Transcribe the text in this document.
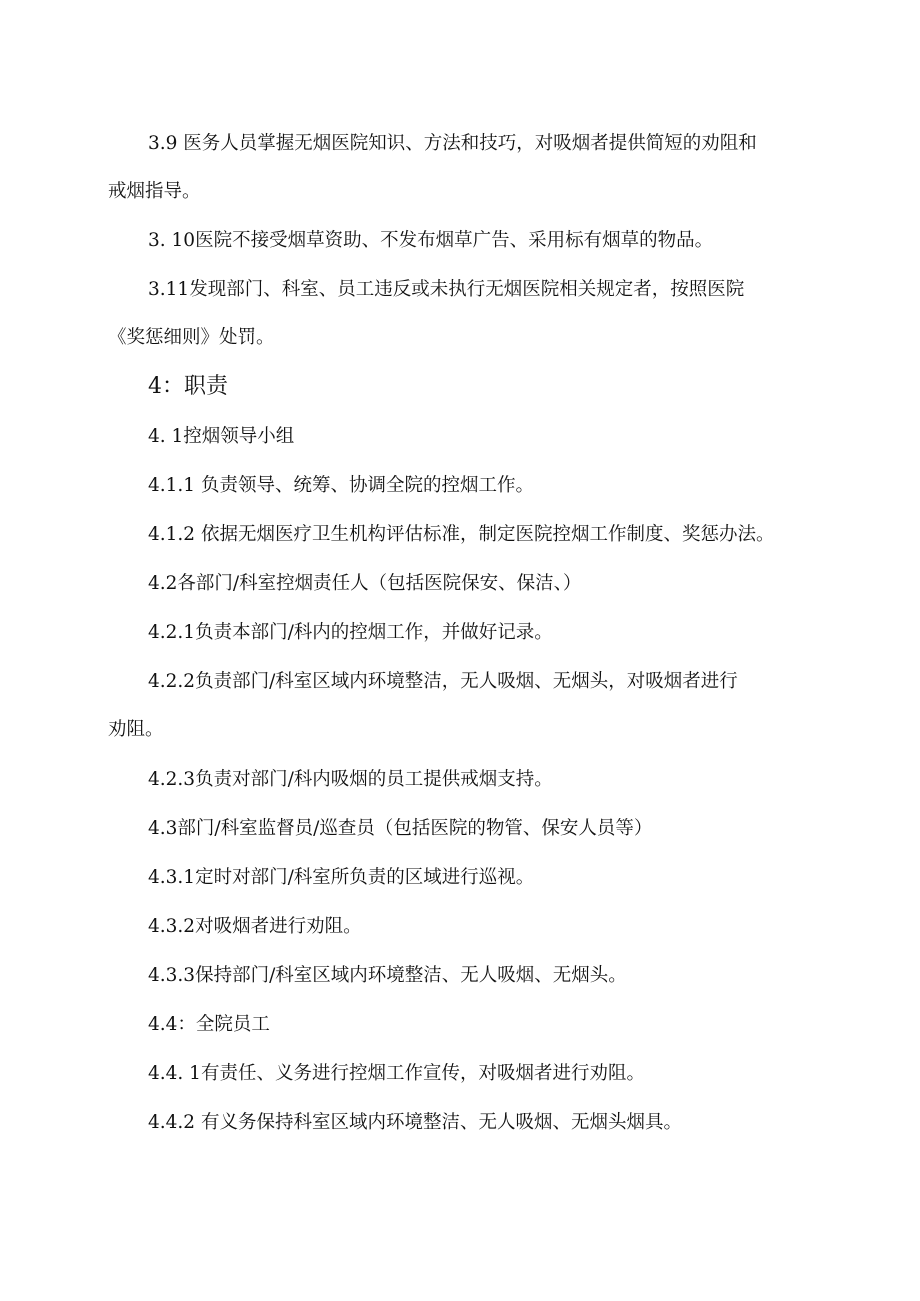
3.9 医务人员掌握无烟医院知识、方法和技巧，对吸烟者提供简短的劝阻和
戒烟指导。

3. 10医院不接受烟草资助、不发布烟草广告、采用标有烟草的物品。

3.11发现部门、科室、员工违反或未执行无烟医院相关规定者，按照医院
《奖惩细则》处罚。

4：职责

4. 1控烟领导小组

4.1.1 负责领导、统筹、协调全院的控烟工作。

4.1.2 依据无烟医疗卫生机构评估标准，制定医院控烟工作制度、奖惩办法。

4.2各部门/科室控烟责任人（包括医院保安、保洁、）

4.2.1负责本部门/科内的控烟工作，并做好记录。

4.2.2负责部门/科室区域内环境整洁，无人吸烟、无烟头，对吸烟者进行
劝阻。

4.2.3负责对部门/科内吸烟的员工提供戒烟支持。

4.3部门/科室监督员/巡查员（包括医院的物管、保安人员等）

4.3.1定时对部门/科室所负责的区域进行巡视。

4.3.2对吸烟者进行劝阻。

4.3.3保持部门/科室区域内环境整洁、无人吸烟、无烟头。

4.4：全院员工

4.4. 1有责任、义务进行控烟工作宣传，对吸烟者进行劝阻。

4.4.2 有义务保持科室区域内环境整洁、无人吸烟、无烟头烟具。
